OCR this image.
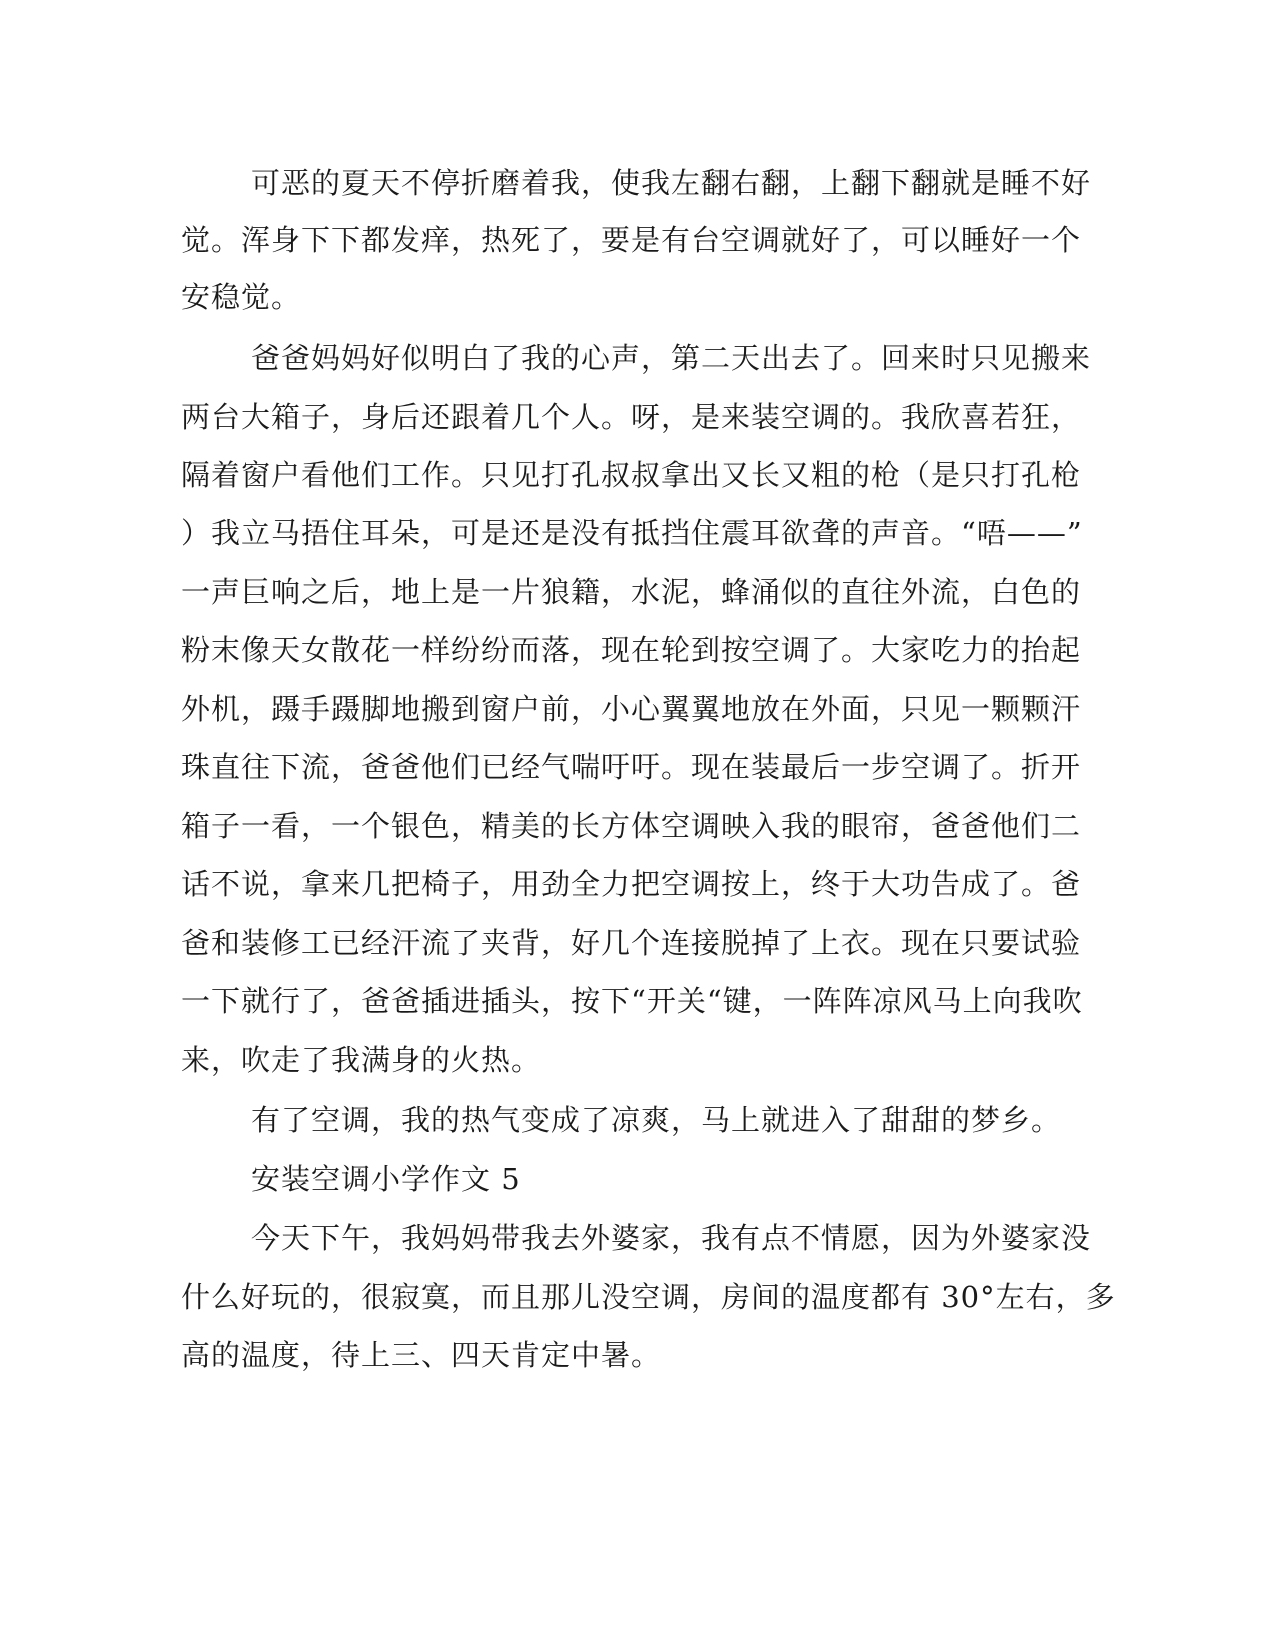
可恶的夏天不停折磨着我，使我左翻右翻，上翻下翻就是睡不好
觉。浑身下下都发痒，热死了，要是有台空调就好了，可以睡好一个
安稳觉。
爸爸妈妈好似明白了我的心声，第二天出去了。回来时只见搬来
两台大箱子，身后还跟着几个人。呀，是来装空调的。我欣喜若狂，
隔着窗户看他们工作。只见打孔叔叔拿出又长又粗的枪（是只打孔枪
）我立马捂住耳朵，可是还是没有抵挡住震耳欲聋的声音。“唔——”
一声巨响之后，地上是一片狼籍，水泥，蜂涌似的直往外流，白色的
粉末像天女散花一样纷纷而落，现在轮到按空调了。大家吃力的抬起
外机，蹑手蹑脚地搬到窗户前，小心翼翼地放在外面，只见一颗颗汗
珠直往下流，爸爸他们已经气喘吁吁。现在装最后一步空调了。折开
箱子一看，一个银色，精美的长方体空调映入我的眼帘，爸爸他们二
话不说，拿来几把椅子，用劲全力把空调按上，终于大功告成了。爸
爸和装修工已经汗流了夹背，好几个连接脱掉了上衣。现在只要试验
一下就行了，爸爸插进插头，按下“开关“键，一阵阵凉风马上向我吹
来，吹走了我满身的火热。
有了空调，我的热气变成了凉爽，马上就进入了甜甜的梦乡。
安装空调小学作文 5
今天下午，我妈妈带我去外婆家，我有点不情愿，因为外婆家没
什么好玩的，很寂寞，而且那儿没空调，房间的温度都有 30°左右，多
高的温度，待上三、四天肯定中暑。
